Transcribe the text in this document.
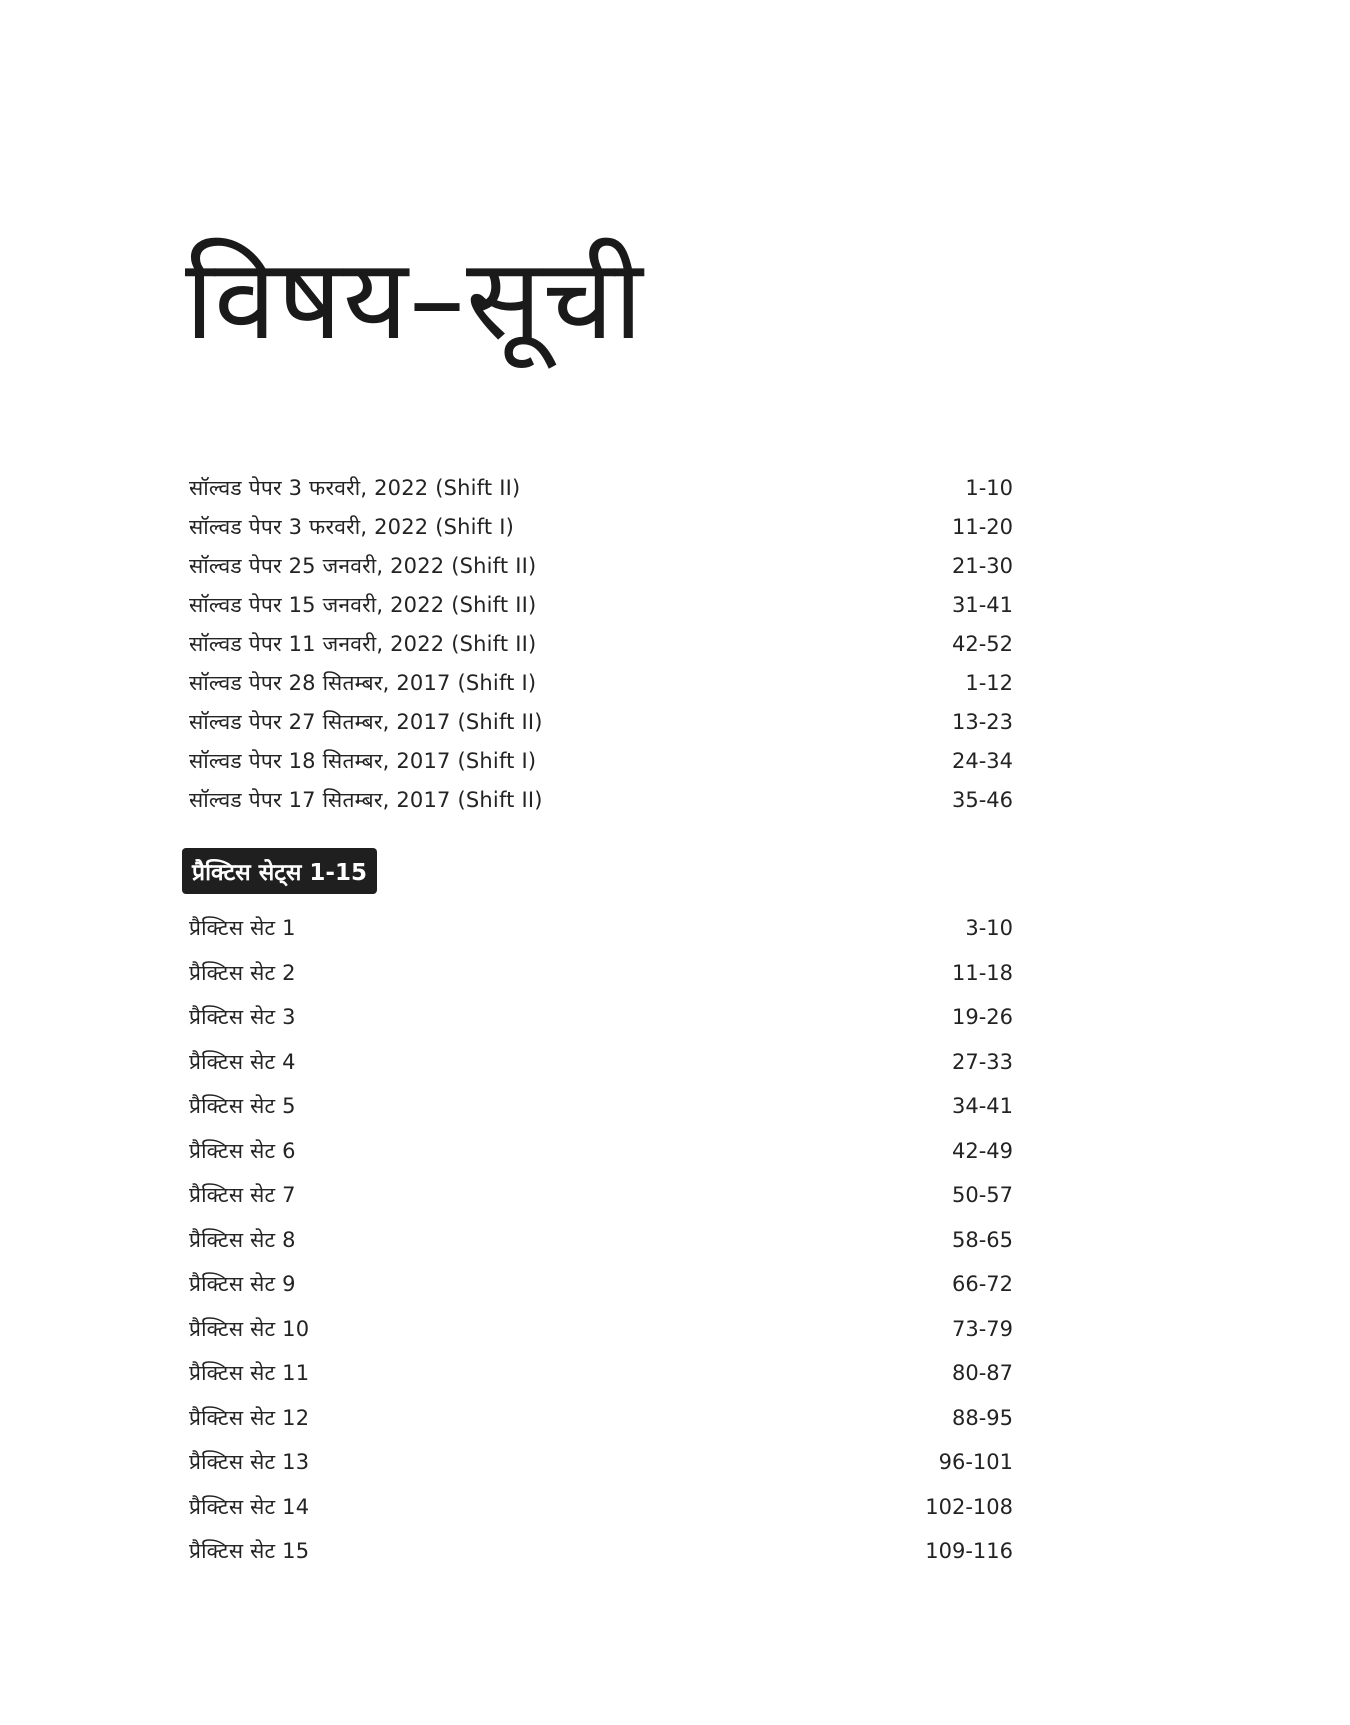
विषय–सूची
सॉल्वड पेपर 3 फरवरी, 2022 (Shift II)	1-10
सॉल्वड पेपर 3 फरवरी, 2022 (Shift I)	11-20
सॉल्वड पेपर 25 जनवरी, 2022 (Shift II)	21-30
सॉल्वड पेपर 15 जनवरी, 2022 (Shift II)	31-41
सॉल्वड पेपर 11 जनवरी, 2022 (Shift II)	42-52
सॉल्वड पेपर 28 सितम्बर, 2017 (Shift I)	1-12
सॉल्वड पेपर 27 सितम्बर, 2017 (Shift II)	13-23
सॉल्वड पेपर 18 सितम्बर, 2017 (Shift I)	24-34
सॉल्वड पेपर 17 सितम्बर, 2017 (Shift II)	35-46
प्रैक्टिस सेट्स 1-15
प्रैक्टिस सेट 1	3-10
प्रैक्टिस सेट 2	11-18
प्रैक्टिस सेट 3	19-26
प्रैक्टिस सेट 4	27-33
प्रैक्टिस सेट 5	34-41
प्रैक्टिस सेट 6	42-49
प्रैक्टिस सेट 7	50-57
प्रैक्टिस सेट 8	58-65
प्रैक्टिस सेट 9	66-72
प्रैक्टिस सेट 10	73-79
प्रैक्टिस सेट 11	80-87
प्रैक्टिस सेट 12	88-95
प्रैक्टिस सेट 13	96-101
प्रैक्टिस सेट 14	102-108
प्रैक्टिस सेट 15	109-116
